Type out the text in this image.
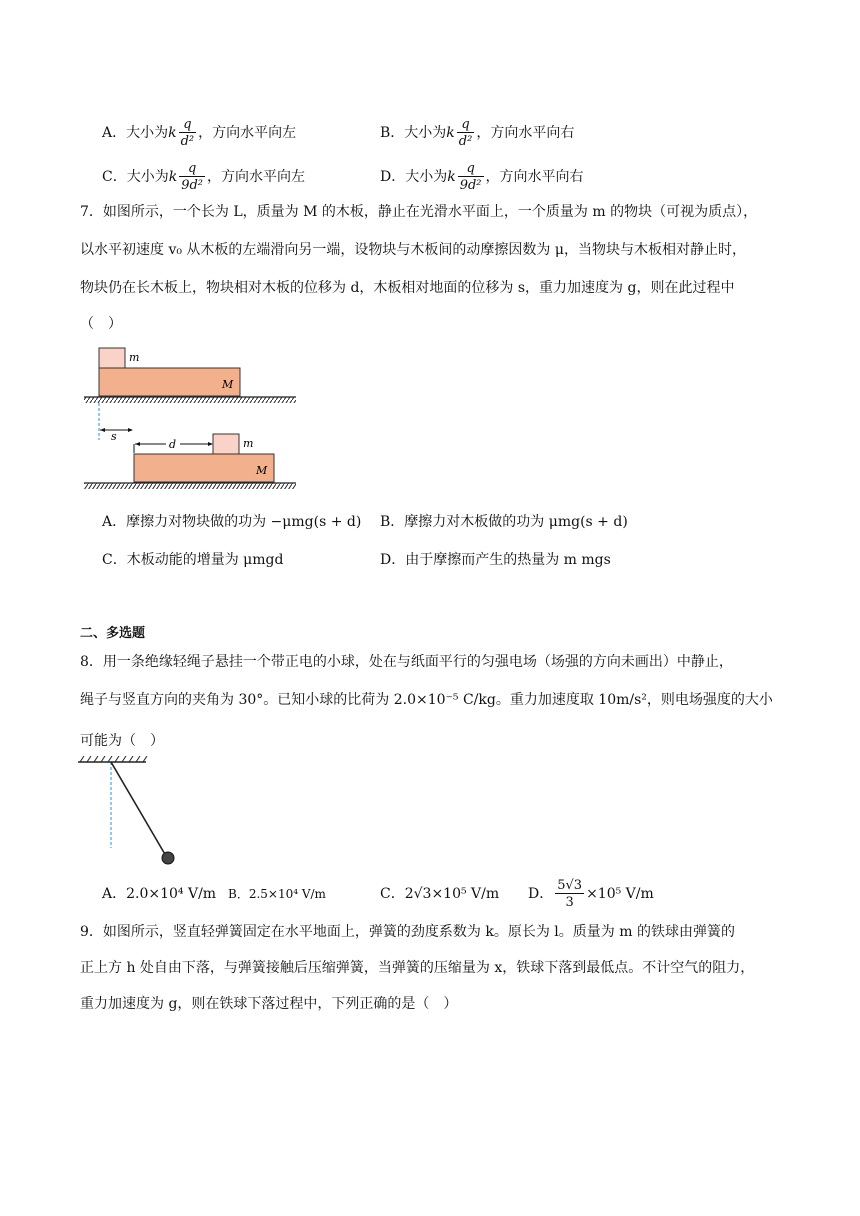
A．大小为k $\frac{q}{\text{d²}}$ ，方向水平向左	B．大小为k $\frac{q}{\text{d²}}$ ，方向水平向右
C．大小为k $\frac{q}{\text{9d²}}$ ，方向水平向左	D．大小为k $\frac{q}{\text{9d²}}$ ，方向水平向右
7．如图所示，一个长为 L，质量为 M 的木板，静止在光滑水平面上，一个质量为 m 的物块（可视为质点），
以水平初速度 v₀ 从木板的左端滑向另一端，设物块与木板间的动摩擦因数为 μ，当物块与木板相对静止时，
物块仍在长木板上，物块相对木板的位移为 d，木板相对地面的位移为 s，重力加速度为 g，则在此过程中
（　）
m
M
s
d	m
M
A．摩擦力对物块做的功为 −μmg(s + d) B．摩擦力对木板做的功为 μmg(s + d)
C．木板动能的增量为 μmgd	D．由于摩擦而产生的热量为 m mgs
二、多选题
8．用一条绝缘轻绳子悬挂一个带正电的小球，处在与纸面平行的匀强电场（场强的方向未画出）中静止，
绳子与竖直方向的夹角为 30°。已知小球的比荷为 2.0×10⁻⁵ C/kg。重力加速度取 10m/s²，则电场强度的大小
可能为（　）
A．2.0×10⁴ V/m B．2.5×10⁴ V/m	C．2√3×10⁵ V/m D． $\frac{5√3}{3} \times 10^5$ V/m
9．如图所示，竖直轻弹簧固定在水平地面上，弹簧的劲度系数为 k。原长为 l。质量为 m 的铁球由弹簧的
正上方 h 处自由下落，与弹簧接触后压缩弹簧，当弹簧的压缩量为 x，铁球下落到最低点。不计空气的阻力，
重力加速度为 g，则在铁球下落过程中，下列正确的是（　）
